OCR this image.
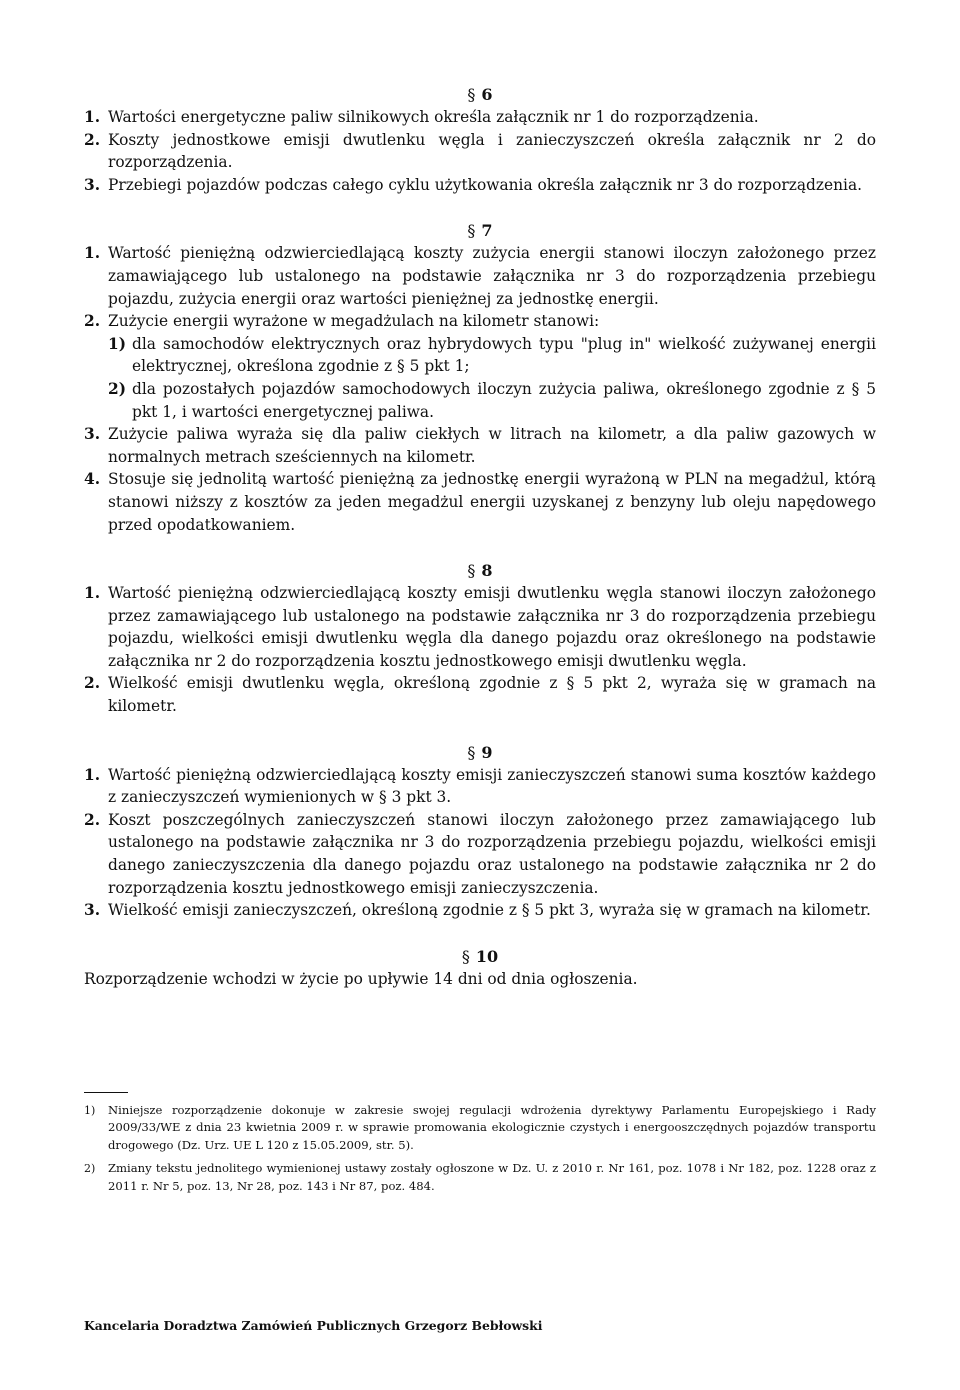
§ 6
1. Wartości energetyczne paliw silnikowych określa załącznik nr 1 do rozporządzenia.
2. Koszty jednostkowe emisji dwutlenku węgla i zanieczyszczeń określa załącznik nr 2 do rozporządzenia.
3. Przebiegi pojazdów podczas całego cyklu użytkowania określa załącznik nr 3 do rozporządzenia.
§ 7
1. Wartość pieniężną odzwierciedlającą koszty zużycia energii stanowi iloczyn założonego przez zamawiającego lub ustalonego na podstawie załącznika nr 3 do rozporządzenia przebiegu pojazdu, zużycia energii oraz wartości pieniężnej za jednostkę energii.
2. Zużycie energii wyrażone w megadżulach na kilometr stanowi:
1) dla samochodów elektrycznych oraz hybrydowych typu "plug in" wielkość zużywanej energii elektrycznej, określona zgodnie z § 5 pkt 1;
2) dla pozostałych pojazdów samochodowych iloczyn zużycia paliwa, określonego zgodnie z § 5 pkt 1, i wartości energetycznej paliwa.
3. Zużycie paliwa wyraża się dla paliw ciekłych w litrach na kilometr, a dla paliw gazowych w normalnych metrach sześciennych na kilometr.
4. Stosuje się jednolitą wartość pieniężną za jednostkę energii wyrażoną w PLN na megadżul, którą stanowi niższy z kosztów za jeden megadżul energii uzyskanej z benzyny lub oleju napędowego przed opodatkowaniem.
§ 8
1. Wartość pieniężną odzwierciedlającą koszty emisji dwutlenku węgla stanowi iloczyn założonego przez zamawiającego lub ustalonego na podstawie załącznika nr 3 do rozporządzenia przebiegu pojazdu, wielkości emisji dwutlenku węgla dla danego pojazdu oraz określonego na podstawie załącznika nr 2 do rozporządzenia kosztu jednostkowego emisji dwutlenku węgla.
2. Wielkość emisji dwutlenku węgla, określoną zgodnie z § 5 pkt 2, wyraża się w gramach na kilometr.
§ 9
1. Wartość pieniężną odzwierciedlającą koszty emisji zanieczyszczeń stanowi suma kosztów każdego z zanieczyszczeń wymienionych w § 3 pkt 3.
2. Koszt poszczególnych zanieczyszczeń stanowi iloczyn założonego przez zamawiającego lub ustalonego na podstawie załącznika nr 3 do rozporządzenia przebiegu pojazdu, wielkości emisji danego zanieczyszczenia dla danego pojazdu oraz ustalonego na podstawie załącznika nr 2 do rozporządzenia kosztu jednostkowego emisji zanieczyszczenia.
3. Wielkość emisji zanieczyszczeń, określoną zgodnie z § 5 pkt 3, wyraża się w gramach na kilometr.
§ 10
Rozporządzenie wchodzi w życie po upływie 14 dni od dnia ogłoszenia.
1)	Niniejsze rozporządzenie dokonuje w zakresie swojej regulacji wdrożenia dyrektywy Parlamentu Europejskiego i Rady 2009/33/WE z dnia 23 kwietnia 2009 r. w sprawie promowania ekologicznie czystych i energooszczędnych pojazdów transportu drogowego (Dz. Urz. UE L 120 z 15.05.2009, str. 5).
2)	Zmiany tekstu jednolitego wymienionej ustawy zostały ogłoszone w Dz. U. z 2010 r. Nr 161, poz. 1078 i Nr 182, poz. 1228 oraz z 2011 r. Nr 5, poz. 13, Nr 28, poz. 143 i Nr 87, poz. 484.
Kancelaria Doradztwa Zamówień Publicznych Grzegorz Bebłowski
